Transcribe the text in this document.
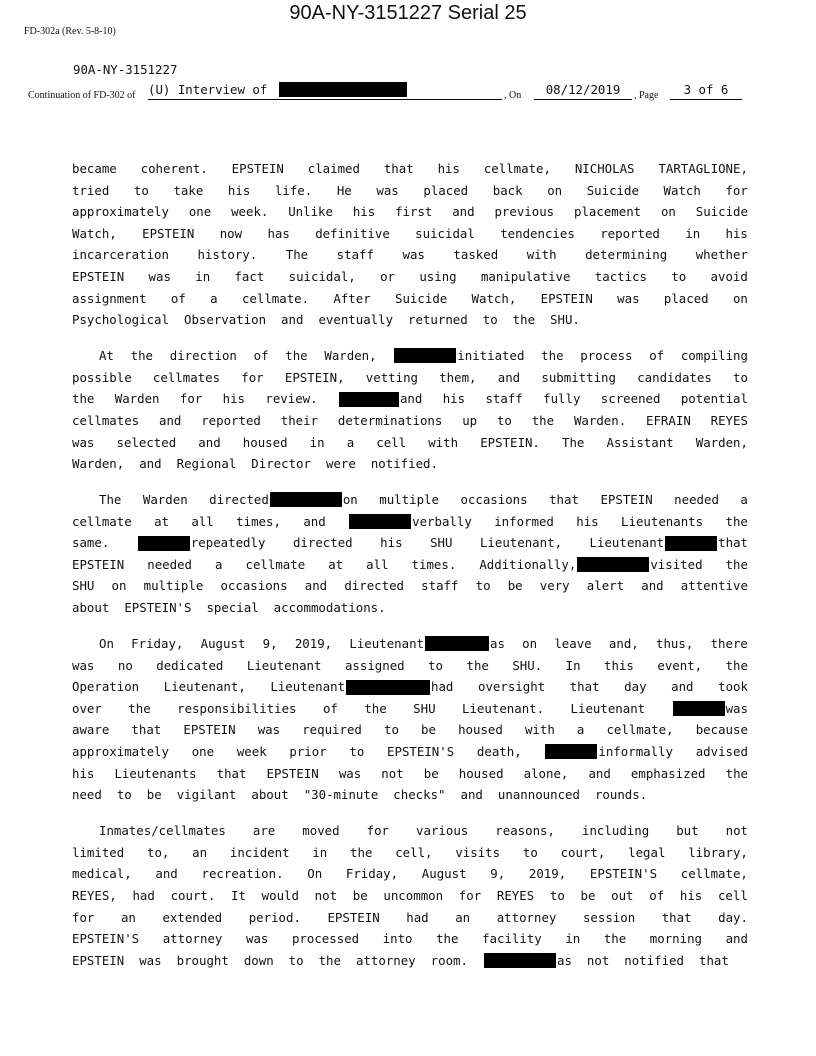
90A-NY-3151227 Serial 25
FD-302a (Rev. 5-8-10)
90A-NY-3151227
Continuation of FD-302 of (U) Interview of	, On	08/12/2019	, Page	3 of 6
became coherent. EPSTEIN claimed that his cellmate, NICHOLAS TARTAGLIONE,
tried to take his life. He was placed back on Suicide Watch for
approximately one week. Unlike his first and previous placement on Suicide
Watch, EPSTEIN now has definitive suicidal tendencies reported in his
incarceration history. The staff was tasked with determining whether
EPSTEIN was in fact suicidal, or using manipulative tactics to avoid
assignment of a cellmate. After Suicide Watch, EPSTEIN was placed on
Psychological Observation and eventually returned to the SHU.
At the direction of the Warden,	initiated the process of compiling
possible cellmates for EPSTEIN, vetting them, and submitting candidates to
the Warden for his review.	and his staff fully screened potential
cellmates and reported their determinations up to the Warden. EFRAIN REYES
was selected and housed in a cell with EPSTEIN. The Assistant Warden,
Warden, and Regional Director were notified.
The Warden directed	on multiple occasions that EPSTEIN needed a
cellmate at all times, and	verbally informed his Lieutenants the
same.	repeatedly directed his SHU Lieutenant, Lieutenant	that
EPSTEIN needed a cellmate at all times. Additionally,	visited the
SHU on multiple occasions and directed staff to be very alert and attentive
about EPSTEIN'S special accommodations.
On Friday, August 9, 2019, Lieutenant	as on leave and, thus, there
was no dedicated Lieutenant assigned to the SHU. In this event, the
Operation Lieutenant, Lieutenant	had oversight that day and took
over the responsibilities of the SHU Lieutenant. Lieutenant	was
aware that EPSTEIN was required to be housed with a cellmate, because
approximately one week prior to EPSTEIN'S death,	informally advised
his Lieutenants that EPSTEIN was not be housed alone, and emphasized the
need to be vigilant about "30-minute checks" and unannounced rounds.
Inmates/cellmates are moved for various reasons, including but not
limited to, an incident in the cell, visits to court, legal library,
medical, and recreation. On Friday, August 9, 2019, EPSTEIN'S cellmate,
REYES, had court. It would not be uncommon for REYES to be out of his cell
for an extended period. EPSTEIN had an attorney session that day.
EPSTEIN'S attorney was processed into the facility in the morning and
EPSTEIN was brought down to the attorney room.	as not notified that
